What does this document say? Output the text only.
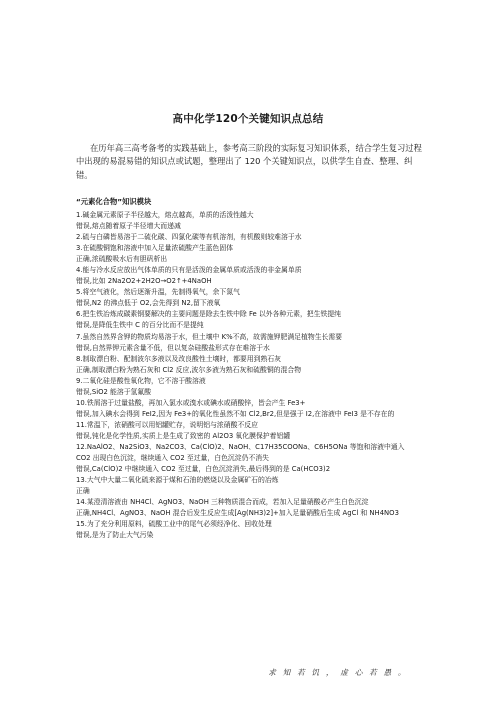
高中化学120个关键知识点总结
在历年高三高考备考的实践基础上，参考高三阶段的实际复习知识体系，结合学生复习过程中出现的易混易错的知识点或试题，整理出了 120 个关键知识点，以供学生自查、整理、纠错。
“元素化合物”知识模块
1.碱金属元素原子半径越大，熔点越高，单质的活泼性越大
错误,熔点随着原子半径增大而递减
2.硫与白磷皆易溶于二硫化碳、四氯化碳等有机溶剂，有机酸则较难溶于水
3.在硫酸铜饱和溶液中加入足量浓硫酸产生蓝色固体
正确,浓硫酸吸水后有胆矾析出
4.能与冷水反应放出气体单质的只有是活泼的金属单质或活泼的非金属单质
错误,比如 2Na2O2+2H2O→O2↑+4NaOH
5.将空气液化，然后逐渐升温，先制得氧气，余下氮气
错误,N2 的沸点低于 O2,会先得到 N2,留下液氧
6.把生铁冶炼成碳素钢要解决的主要问题是除去生铁中除 Fe 以外各种元素，把生铁提纯
错误,是降低生铁中 C 的百分比而不是提纯
7.虽然自然界含钾的物质均易溶于水，但土壤中 K%不高，故需施钾肥满足植物生长需要
错误,自然界钾元素含量不低，但以复杂硅酸盐形式存在难溶于水
8.制取漂白粉、配制波尔多液以及改良酸性土壤时，都要用到熟石灰
正确,制取漂白粉为熟石灰和 Cl2 反应,波尔多液为熟石灰和硫酸铜的混合物
9.二氧化硅是酸性氧化物，它不溶于酸溶液
错误,SiO2 能溶于氢氟酸
10.铁屑溶于过量盐酸，再加入氯水或溴水或碘水或硝酸锌，皆会产生 Fe3+
错误,加入碘水会得到 FeI2,因为 Fe3+的氧化性虽然不如 Cl2,Br2,但是强于 I2,在溶液中 FeI3 是不存在的
11.常温下，浓硝酸可以用铝罐贮存，说明铝与浓硝酸不反应
错误,钝化是化学性质,实质上是生成了致密的 Al2O3 氧化膜保护着铝罐
12.NaAlO2、Na2SiO3、Na2CO3、Ca(ClO)2、NaOH、C17H35COONa、C6H5ONa 等饱和溶液中通入 CO2 出现白色沉淀，继续通入 CO2 至过量，白色沉淀仍不消失
错误,Ca(ClO)2 中继续通入 CO2 至过量，白色沉淀消失,最后得到的是 Ca(HCO3)2
13.大气中大量二氧化硫来源于煤和石油的燃烧以及金属矿石的冶炼
正确
14.某澄清溶液由 NH4Cl、AgNO3、NaOH 三种物质混合而成，若加入足量硝酸必产生白色沉淀
正确,NH4Cl、AgNO3、NaOH 混合后发生反应生成[Ag(NH3)2]+加入足量硝酸后生成 AgCl 和 NH4NO3
15.为了充分利用原料，硫酸工业中的尾气必须经净化、回收处理
错误,是为了防止大气污染
求 知 若 饥 ， 虚 心 若 愚 。
